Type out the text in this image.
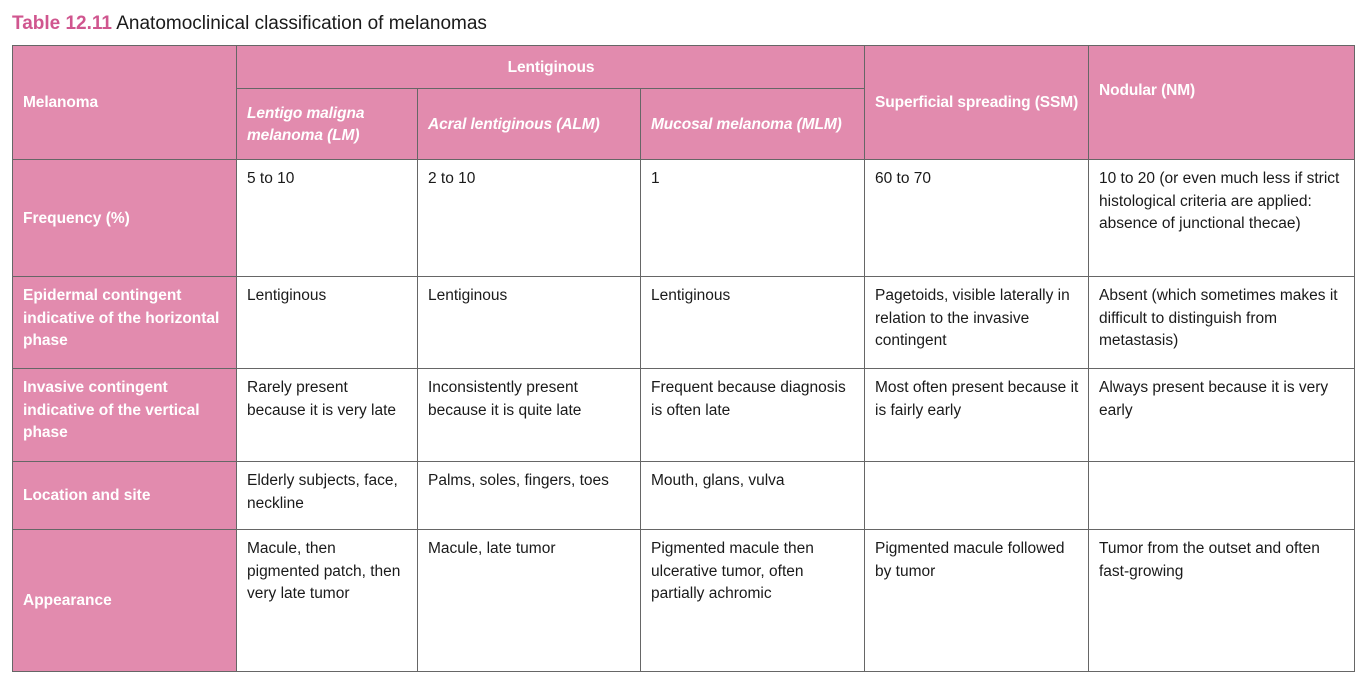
Table 12.11 Anatomoclinical classification of melanomas
Melanoma	Lentiginous			Superficial spreading (SSM)	Nodular (NM)
	Lentigo maligna melanoma (LM)	Acral lentiginous (ALM)	Mucosal melanoma (MLM)		
Frequency (%)	5 to 10	2 to 10	1	60 to 70	10 to 20 (or even much less if strict histological criteria are applied: absence of junctional thecae)
Epidermal contingent indicative of the horizontal phase	Lentiginous	Lentiginous	Lentiginous	Pagetoids, visible laterally in relation to the invasive contingent	Absent (which sometimes makes it difficult to distinguish from metastasis)
Invasive contingent indicative of the vertical phase	Rarely present because it is very late	Inconsistently present because it is quite late	Frequent because diagnosis is often late	Most often present because it is fairly early	Always present because it is very early
Location and site	Elderly subjects, face, neckline	Palms, soles, fingers, toes	Mouth, glans, vulva		
Appearance	Macule, then pigmented patch, then very late tumor	Macule, late tumor	Pigmented macule then ulcerative tumor, often partially achromic	Pigmented macule followed by tumor	Tumor from the outset and often fast-growing
